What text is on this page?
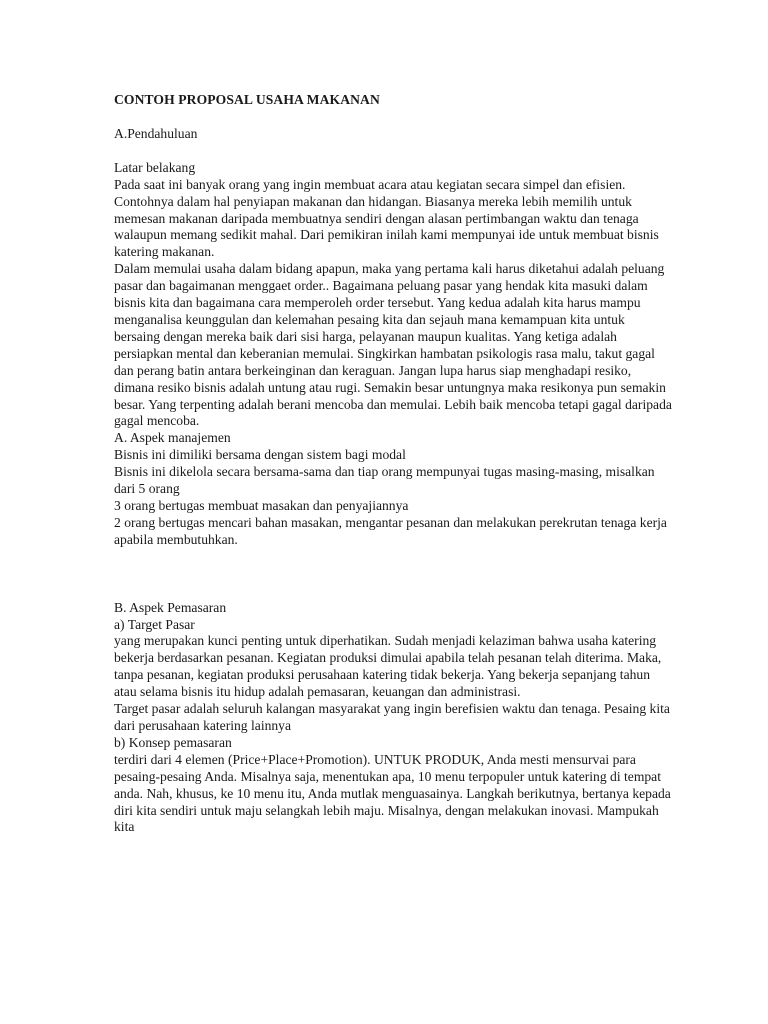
CONTOH PROPOSAL USAHA MAKANAN
A.Pendahuluan
Latar belakang
Pada saat ini banyak orang yang ingin membuat acara atau kegiatan secara simpel dan efisien. Contohnya dalam hal penyiapan makanan dan hidangan. Biasanya mereka lebih memilih untuk memesan makanan daripada membuatnya sendiri dengan alasan pertimbangan waktu dan tenaga walaupun memang sedikit mahal. Dari pemikiran inilah kami mempunyai ide untuk membuat bisnis katering makanan.
Dalam memulai usaha dalam bidang apapun, maka yang pertama kali harus diketahui adalah peluang pasar dan bagaimanan menggaet order.. Bagaimana peluang pasar yang hendak kita masuki dalam bisnis kita dan bagaimana cara memperoleh order tersebut. Yang kedua adalah kita harus mampu menganalisa keunggulan dan kelemahan pesaing kita dan sejauh mana kemampuan kita untuk bersaing dengan mereka baik dari sisi harga, pelayanan maupun kualitas. Yang ketiga adalah persiapkan mental dan keberanian memulai. Singkirkan hambatan psikologis rasa malu, takut gagal dan perang batin antara berkeinginan dan keraguan. Jangan lupa harus siap menghadapi resiko, dimana resiko bisnis adalah untung atau rugi. Semakin besar untungnya maka resikonya pun semakin besar. Yang terpenting adalah berani mencoba dan memulai. Lebih baik mencoba tetapi gagal daripada gagal mencoba.
A. Aspek manajemen
Bisnis ini dimiliki bersama dengan sistem bagi modal
Bisnis ini dikelola secara bersama-sama dan tiap orang mempunyai tugas masing-masing, misalkan dari 5 orang
3 orang bertugas membuat masakan dan penyajiannya
2 orang bertugas mencari bahan masakan, mengantar pesanan dan melakukan perekrutan tenaga kerja apabila membutuhkan.
B. Aspek Pemasaran
a) Target Pasar
yang merupakan kunci penting untuk diperhatikan. Sudah menjadi kelaziman bahwa usaha katering bekerja berdasarkan pesanan. Kegiatan produksi dimulai apabila telah pesanan telah diterima. Maka, tanpa pesanan, kegiatan produksi perusahaan katering tidak bekerja. Yang bekerja sepanjang tahun atau selama bisnis itu hidup adalah pemasaran, keuangan dan administrasi.
Target pasar adalah seluruh kalangan masyarakat yang ingin berefisien waktu dan tenaga. Pesaing kita dari perusahaan katering lainnya
b) Konsep pemasaran
terdiri dari 4 elemen (Price+Place+Promotion). UNTUK PRODUK, Anda mesti mensurvai para pesaing-pesaing Anda. Misalnya saja, menentukan apa, 10 menu terpopuler untuk katering di tempat anda. Nah, khusus, ke 10 menu itu, Anda mutlak menguasainya. Langkah berikutnya, bertanya kepada diri kita sendiri untuk maju selangkah lebih maju. Misalnya, dengan melakukan inovasi. Mampukah kita
